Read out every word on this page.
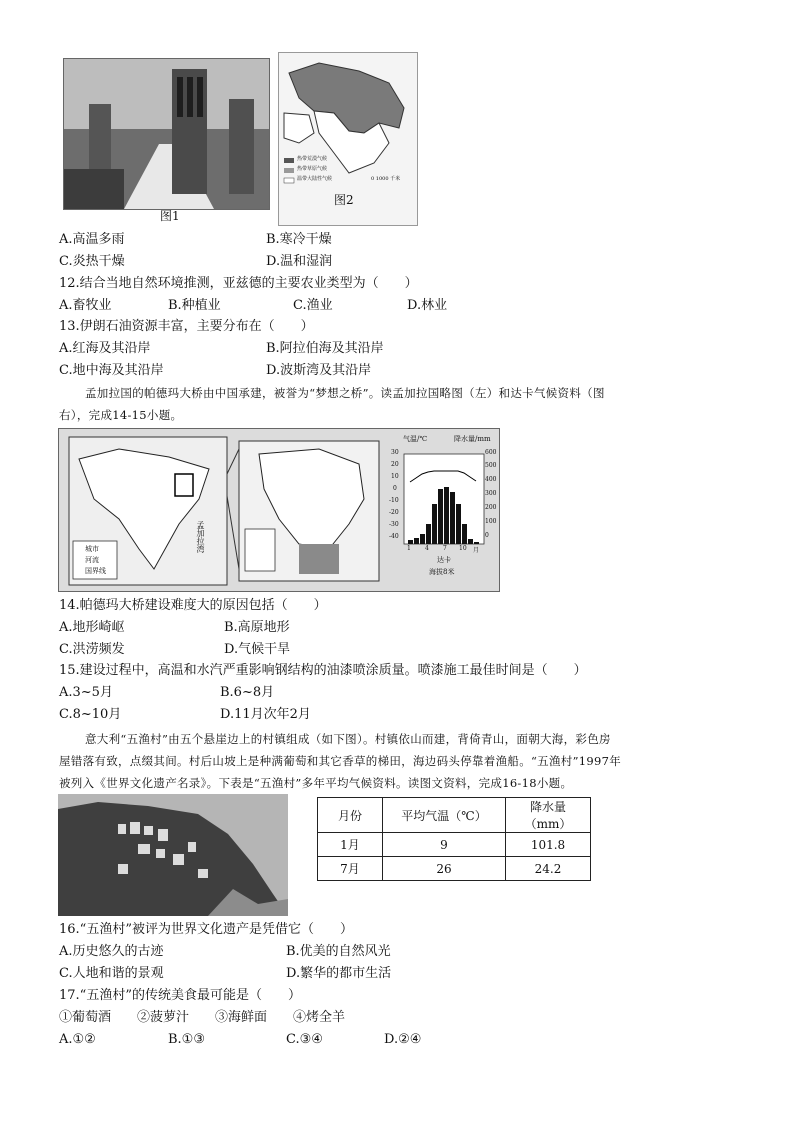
图1
热带荒漠气候
热带草原气候
温带大陆性气候	0 1000 千米
图2
A.高温多雨	B.寒冷干燥
C.炎热干燥	D.温和湿润
12.结合当地自然环境推测，亚兹德的主要农业类型为（　　）
A.畜牧业	B.种植业	C.渔业	D.林业
13.伊朗石油资源丰富，主要分布在（　　）
A.红海及其沿岸	B.阿拉伯海及其沿岸
C.地中海及其沿岸	D.波斯湾及其沿岸
孟加拉国的帕德玛大桥由中国承建，被誉为“梦想之桥”。读孟加拉国略图（左）和达卡气候资料（图
右），完成14-15小题。
城市
河流
国界线
孟加拉湾
气温/℃	降水量/mm
30
20
10
0
-10
-20
-30
-40
600
500
400
300
200
100
0
1 4 7 10 月
达卡
海拔8米
14.帕德玛大桥建设难度大的原因包括（　　）
A.地形崎岖	B.高原地形
C.洪涝频发	D.气候干旱
15.建设过程中，高温和水汽严重影响钢结构的油漆喷涂质量。喷漆施工最佳时间是（　　）
A.3~5月	B.6~8月
C.8~10月	D.11月次年2月
意大利“五渔村”由五个悬崖边上的村镇组成（如下图）。村镇依山而建，背倚青山，面朝大海，彩色房
屋错落有致，点缀其间。村后山坡上是种满葡萄和其它香草的梯田，海边码头停靠着渔船。“五渔村”1997年
被列入《世界文化遗产名录》。下表是“五渔村”多年平均气候资料。读图文资料，完成16-18小题。
月份	平均气温（℃）	降水量（mm）
1月	9	101.8
7月	26	24.2
16.“五渔村”被评为世界文化遗产是凭借它（　　）
A.历史悠久的古迹	B.优美的自然风光
C.人地和谐的景观	D.繁华的都市生活
17.“五渔村”的传统美食最可能是（　　）
①葡萄酒　　②菠萝汁　　③海鲜面　　④烤全羊
A.①②	B.①③	C.③④	D.②④
